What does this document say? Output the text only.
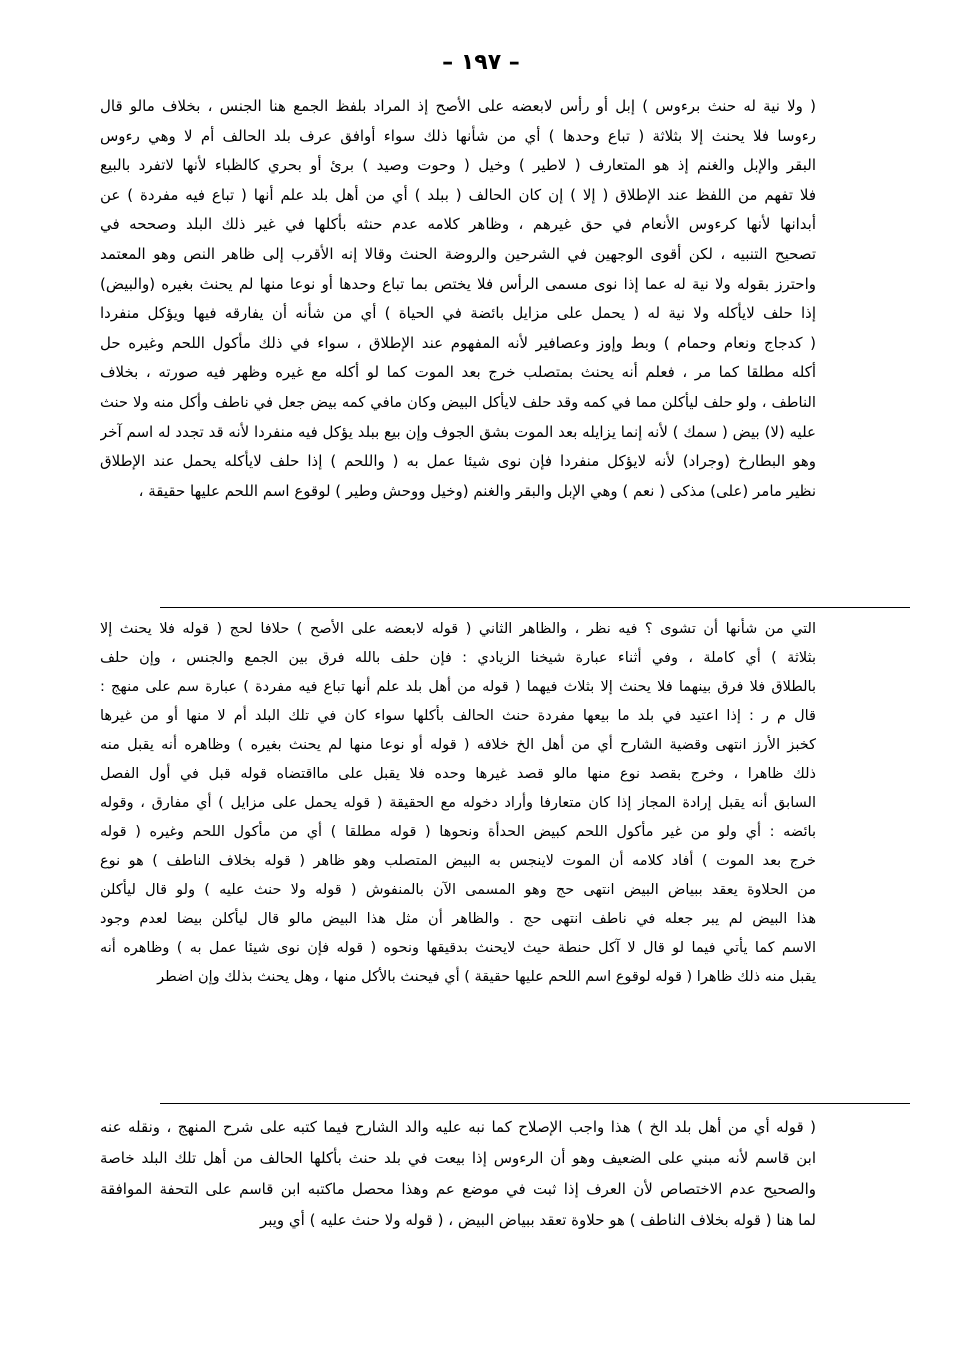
– ١٩٧ –
( ولا نية له حنث برءوس ) إبل أو رأس لابعضه على الأصح إذ المراد بلفظ الجمع هنا الجنس ، بخلاف مالو قال
رءوسا فلا يحنث إلا بثلاثة ( تباع وحدها ) أي من شأنها ذلك سواء أوافق عرف بلد الحالف أم لا وهي رءوس
البقر والإبل والغنم إذ هو المتعارف ( لاطير ) وخيل ( وحوت وصيد ) برئ أو بحري كالظباء لأنها لاتفرد بالبيع
فلا تفهم من اللفظ عند الإطلاق ( إلا ) إن كان الحالف ( ببلد ) أي من أهل بلد علم أنها ( تباع فيه مفردة ) عن
أبدانها لأنها كرءوس الأنعام في حق غيرهم ، وظاهر كلامه عدم حنثه بأكلها في غير ذلك البلد وصححه في
تصحيح التنبيه ، لكن أقوى الوجهين في الشرحين والروضة الحنث وقالا إنه الأقرب إلى ظاهر النص وهو المعتمد
واحترز بقوله ولا نية له عما إذا نوى مسمى الرأس فلا يختص بما تباع وحدها أو نوعا منها لم يحنث بغيره (والبيض)
إذا حلف لايأكله ولا نية له ( يحمل على مزايل بائضة في الحياة ) أي من شأنه أن يفارقه فيها ويؤكل منفردا
( كدجاج ونعام وحمام ) وبط وإوز وعصافير لأنه المفهوم عند الإطلاق ، سواء في ذلك مأكول اللحم وغيره حل
أكله مطلقا كما مر ، فعلم أنه يحنث بمتصلب خرج بعد الموت كما لو أكله مع غيره وظهر فيه صورته ، بخلاف
الناطف ، ولو حلف ليأكلن مما في كمه وقد حلف لايأكل البيض وكان مافي كمه بيض جعل في ناطف وأكل منه ولا حنث
عليه (لا) بيض ( سمك ) لأنه إنما يزايله بعد الموت بشق الجوف وإن بيع ببلد يؤكل فيه منفردا لأنه قد تجدد له اسم آخر
وهو البطارخ (وجراد) لأنه لايؤكل منفردا فإن نوى شيئا عمل به ( واللحم ) إذا حلف لايأكله يحمل عند الإطلاق
نظير مامر (على) مذكى ( نعم ) وهي الإبل والبقر والغنم (وخيل ووحش وطير ) لوقوع اسم اللحم عليها حقيقة ،
التي من شأنها أن تشوى ؟ فيه نظر ، والظاهر الثاني ( قوله لابعضه على الأصح ) حلافا لحج ( قوله فلا يحنث إلا
بثلاثة ) أي كاملة ، وفي أثناء عبارة شيخنا الزيادي : فإن حلف بالله فرق بين الجمع والجنس ، وإن حلف
بالطلاق فلا فرق بينهما فلا يحنث إلا بثلاث فيهما ( قوله من أهل بلد علم أنها تباع فيه مفردة ) عبارة سم على منهج :
قال م ر : إذا اعتيد في بلد ما بيعها مفردة حنث الحالف بأكلها سواء كان في تلك البلد أم لا منها أو من غيرها
كخبز الأرز انتهى وقضية الشارح أي من أهل الخ خلافه ( قوله أو نوعا منها لم يحنث بغيره ) وظاهره أنه يقبل منه
ذلك ظاهرا ، وخرج بقصد نوع منها مالو قصد غيرها وحده فلا يقبل على مااقتضاه قوله قبل في أول الفصل
السابق أنه يقبل إرادة المجاز إذا كان متعارفا وأراد دخوله مع الحقيقة ( قوله يحمل على مزايل ) أي مفارق ، وقوله
بائضه : أي ولو من غير مأكول اللحم كبيض الحدأة ونحوها ( قوله مطلقا ) أي من مأكول اللحم وغيره ( قوله
خرج بعد الموت ) أفاد كلامه أن الموت لاينجس به البيض المتصلب وهو ظاهر ( قوله بخلاف الناطف ) هو نوع
من الحلاوة يعقد ببياض البيض انتهى حج وهو المسمى الآن بالمنفوش ( قوله ولا حنث عليه ) ولو قال ليأكلن
هذا البيض لم يبر جعله في ناطف انتهى حج . والظاهر أن مثل هذا البيض مالو قال ليأكلن بيضا لعدم وجود
الاسم كما يأتي فيما لو قال لا آكل حنطة حيث لايحنث بدقيقها ونحوه ( قوله فإن نوى شيئا عمل به ) وظاهره أنه
يقبل منه ذلك ظاهرا ( قوله لوقوع اسم اللحم عليها حقيقة ) أي فيحنث بالأكل منها ، وهل يحنث بذلك وإن اضطر
( قوله أي من أهل بلد الخ ) هذا واجب الإصلاح كما نبه عليه والد الشارح فيما كتبه على شرح المنهج ، ونقله عنه
ابن قاسم لأنه مبني على الضعيف وهو أن الرءوس إذا بيعت في بلد حنث بأكلها الحالف من أهل تلك البلد خاصة
والصحيح عدم الاختصاص لأن العرف إذا ثبت في موضع عم وهذا محصل ماكتبه ابن قاسم على التحفة الموافقة
لما هنا ( قوله بخلاف الناطف ) هو حلاوة تعقد ببياض البيض ، ( قوله ولا حنث عليه ) أي ويبر
